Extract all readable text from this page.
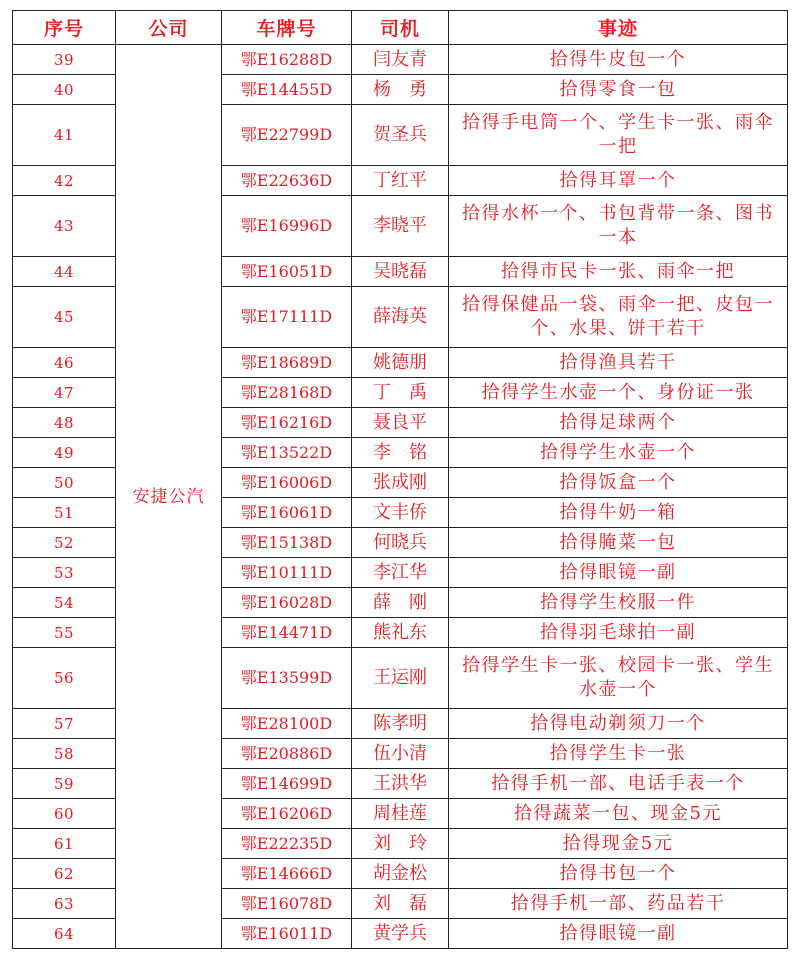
序号	公司	车牌号	司机	事迹
39	安捷公汽	鄂E16288D	闫友青	拾得牛皮包一个
40		鄂E14455D	杨　勇	拾得零食一包
41		鄂E22799D	贺圣兵	拾得手电筒一个、学生卡一张、雨伞一把
42		鄂E22636D	丁红平	拾得耳罩一个
43		鄂E16996D	李晓平	拾得水杯一个、书包背带一条、图书一本
44		鄂E16051D	吴晓磊	拾得市民卡一张、雨伞一把
45		鄂E17111D	薛海英	拾得保健品一袋、雨伞一把、皮包一个、水果、饼干若干
46		鄂E18689D	姚德朋	拾得渔具若干
47		鄂E28168D	丁　禹	拾得学生水壶一个、身份证一张
48		鄂E16216D	聂良平	拾得足球两个
49		鄂E13522D	李　铭	拾得学生水壶一个
50		鄂E16006D	张成刚	拾得饭盒一个
51		鄂E16061D	文丰侨	拾得牛奶一箱
52		鄂E15138D	何晓兵	拾得腌菜一包
53		鄂E10111D	李江华	拾得眼镜一副
54		鄂E16028D	薛　刚	拾得学生校服一件
55		鄂E14471D	熊礼东	拾得羽毛球拍一副
56		鄂E13599D	王运刚	拾得学生卡一张、校园卡一张、学生水壶一个
57		鄂E28100D	陈孝明	拾得电动剃须刀一个
58		鄂E20886D	伍小清	拾得学生卡一张
59		鄂E14699D	王洪华	拾得手机一部、电话手表一个
60		鄂E16206D	周桂莲	拾得蔬菜一包、现金5元
61		鄂E22235D	刘　玲	拾得现金5元
62		鄂E14666D	胡金松	拾得书包一个
63		鄂E16078D	刘　磊	拾得手机一部、药品若干
64		鄂E16011D	黄学兵	拾得眼镜一副
